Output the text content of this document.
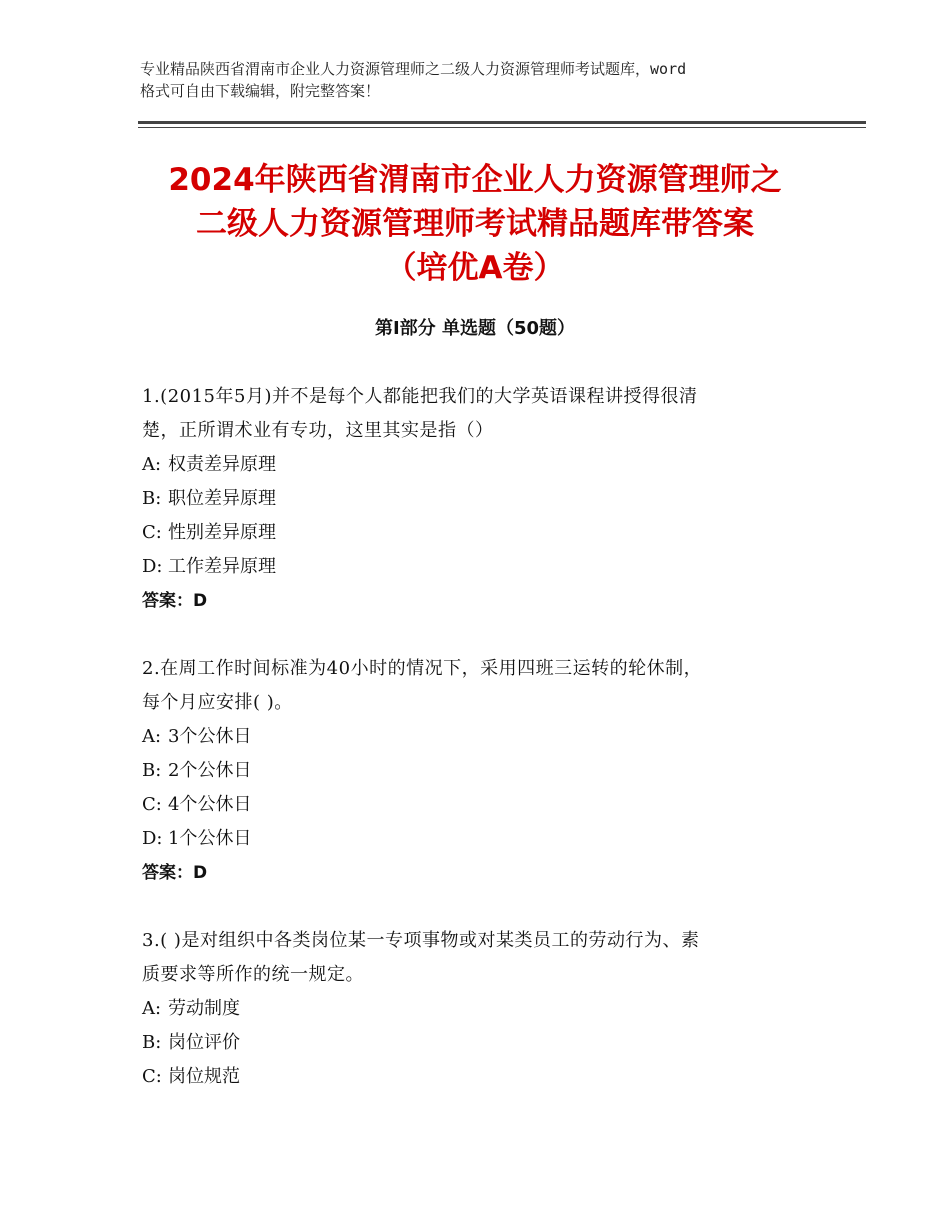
专业精品陕西省渭南市企业人力资源管理师之二级人力资源管理师考试题库，word
格式可自由下载编辑，附完整答案！
2024年陕西省渭南市企业人力资源管理师之
二级人力资源管理师考试精品题库带答案
（培优A卷）
第Ⅰ部分 单选题（50题）
1.(2015年5月)并不是每个人都能把我们的大学英语课程讲授得很清
楚，正所谓术业有专功，这里其实是指（）
A: 权责差异原理
B: 职位差异原理
C: 性别差异原理
D: 工作差异原理
答案：D
2.在周工作时间标准为40小时的情况下，采用四班三运转的轮休制，
每个月应安排( )。
A: 3个公休日
B: 2个公休日
C: 4个公休日
D: 1个公休日
答案：D
3.( )是对组织中各类岗位某一专项事物或对某类员工的劳动行为、素
质要求等所作的统一规定。
A: 劳动制度
B: 岗位评价
C: 岗位规范
